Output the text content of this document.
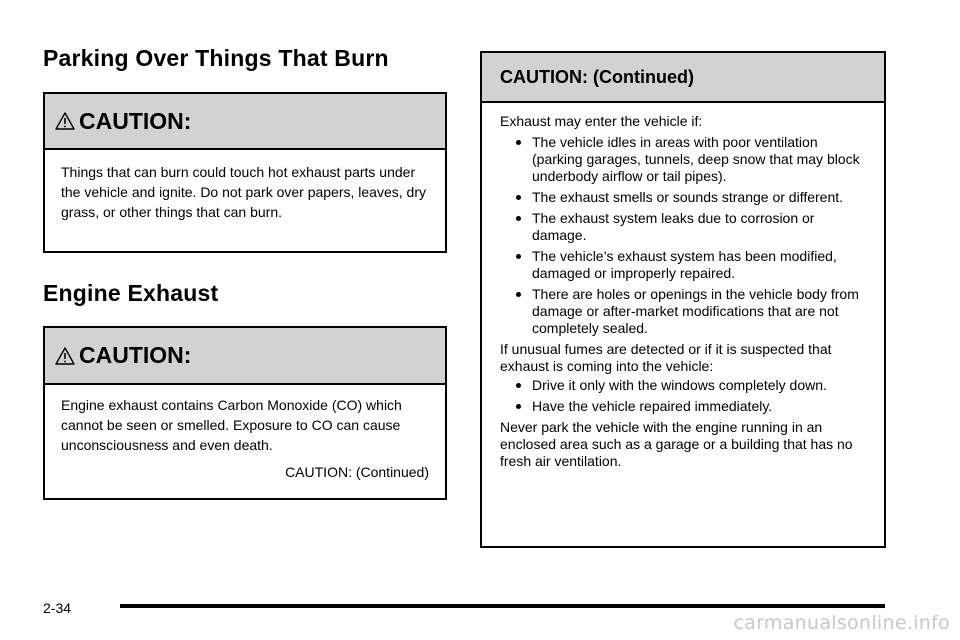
Parking Over Things That Burn
CAUTION:

Things that can burn could touch hot exhaust parts under the vehicle and ignite. Do not park over papers, leaves, dry grass, or other things that can burn.

Engine Exhaust
CAUTION:

Engine exhaust contains Carbon Monoxide (CO) which cannot be seen or smelled. Exposure to CO can cause unconsciousness and even death.

CAUTION: (Continued)
CAUTION: (Continued)

Exhaust may enter the vehicle if:

The vehicle idles in areas with poor ventilation (parking garages, tunnels, deep snow that may block underbody airflow or tail pipes).
The exhaust smells or sounds strange or different.
The exhaust system leaks due to corrosion or damage.
The vehicle’s exhaust system has been modified, damaged or improperly repaired.
There are holes or openings in the vehicle body from damage or after-market modifications that are not completely sealed.

If unusual fumes are detected or if it is suspected that exhaust is coming into the vehicle:

Drive it only with the windows completely down.
Have the vehicle repaired immediately.

Never park the vehicle with the engine running in an enclosed area such as a garage or a building that has no fresh air ventilation.

2-34
carmanualsonline.info
